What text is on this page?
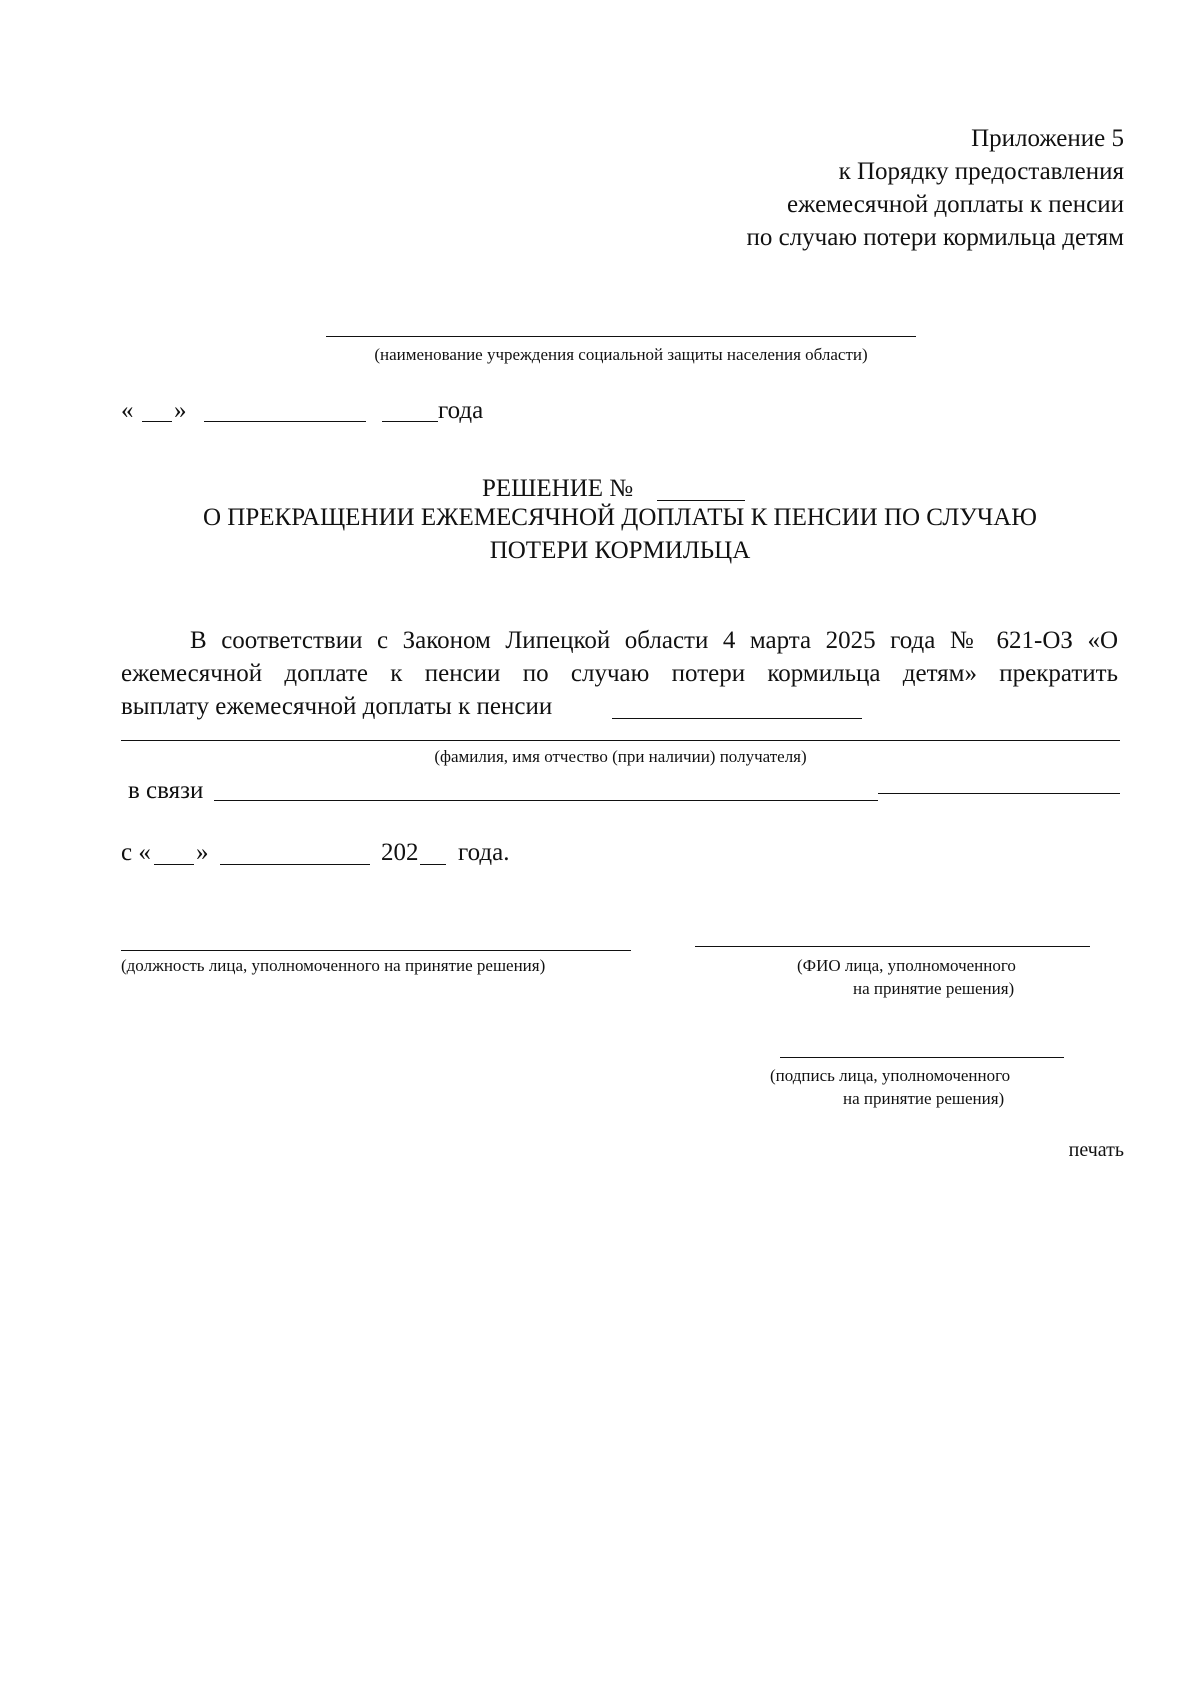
Приложение 5
к Порядку предоставления
ежемесячной доплаты к пенсии
по случаю потери кормильца детям
(наименование учреждения социальной защиты населения области)
« »	года
РЕШЕНИЕ №
О ПРЕКРАЩЕНИИ ЕЖЕМЕСЯЧНОЙ ДОПЛАТЫ К ПЕНСИИ ПО СЛУЧАЮ
ПОТЕРИ КОРМИЛЬЦА
В соответствии с Законом Липецкой области 4 марта 2025 года № 621-ОЗ «О
ежемесячной доплате к пенсии по случаю потери кормильца детям» прекратить
выплату ежемесячной доплаты к пенсии
(фамилия, имя отчество (при наличии) получателя)
в связи
с « »	202 года.
(должность лица, уполномоченного на принятие решения)	(ФИО лица, уполномоченного
на принятие решения)
(подпись лица, уполномоченного
на принятие решения)
печать
